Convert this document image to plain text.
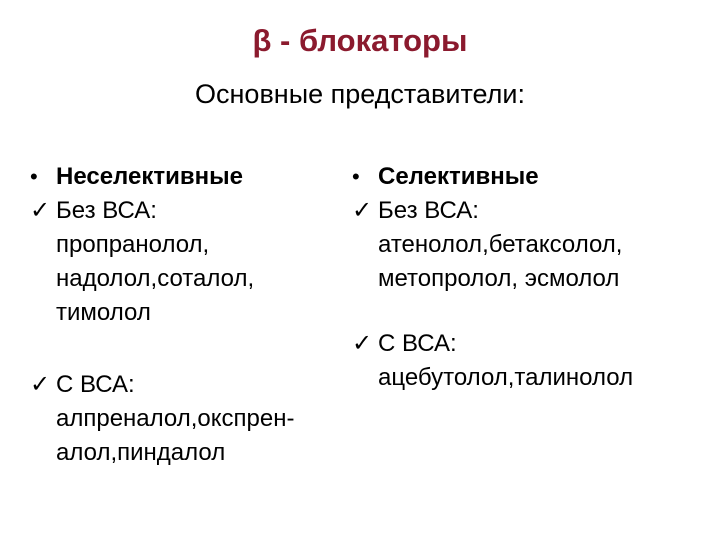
β - блокаторы
Основные представители:
• Неселективные
✓ Без ВСА:
пропранолол,
надолол,соталол,
тимолол
✓ С ВСА:
алпреналол,окспрен-
алол,пиндалол
• Селективные
✓ Без ВСА:
атенолол,бетаксолол,
метопролол, эсмолол
✓ С ВСА:
ацебутолол,талинолол
